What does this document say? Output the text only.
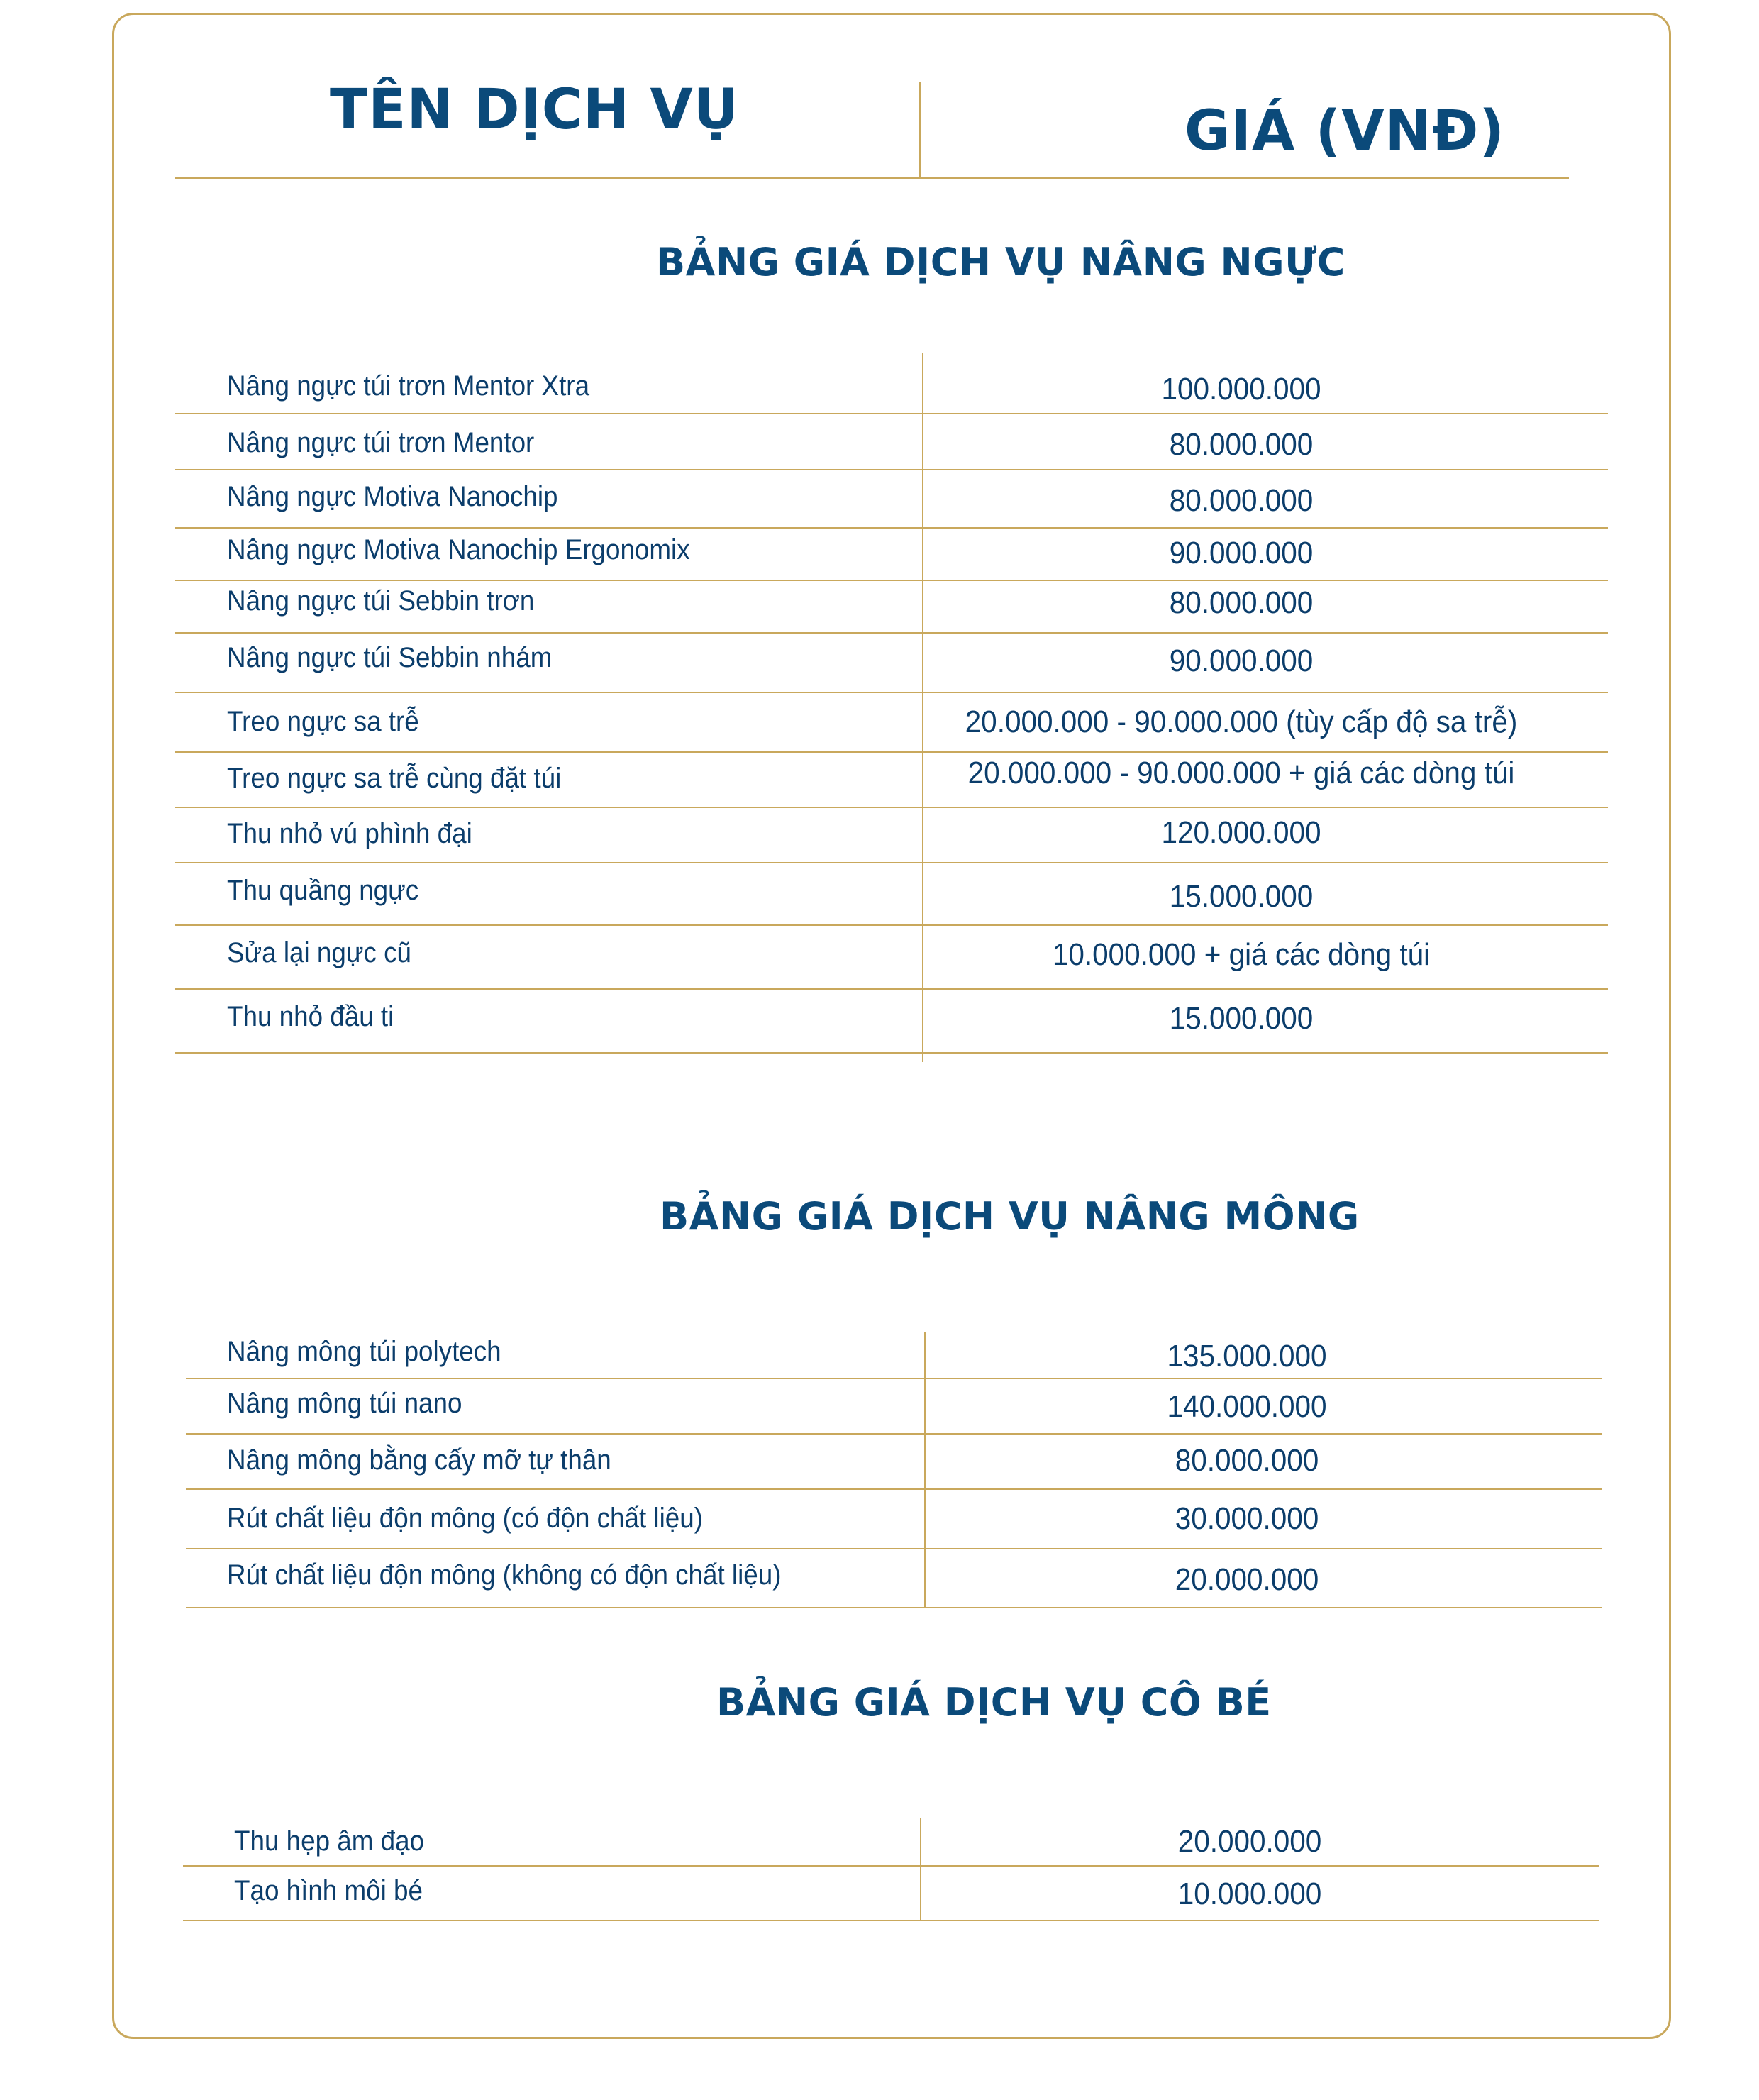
TÊN DỊCH VỤ	GIÁ (VNĐ)
BẢNG GIÁ DỊCH VỤ NÂNG NGỰC
Nâng ngực túi trơn Mentor Xtra	100.000.000
Nâng ngực túi trơn Mentor	80.000.000
Nâng ngực Motiva Nanochip	80.000.000
Nâng ngực Motiva Nanochip Ergonomix	90.000.000
Nâng ngực túi Sebbin trơn	80.000.000
Nâng ngực túi Sebbin nhám	90.000.000
Treo ngực sa trễ	20.000.000 - 90.000.000 (tùy cấp độ sa trễ)
Treo ngực sa trễ cùng đặt túi	20.000.000 - 90.000.000 + giá các dòng túi
Thu nhỏ vú phình đại	120.000.000
Thu quầng ngực	15.000.000
Sửa lại ngực cũ	10.000.000 + giá các dòng túi
Thu nhỏ đầu ti	15.000.000
BẢNG GIÁ DỊCH VỤ NÂNG MÔNG
Nâng mông túi polytech	135.000.000
Nâng mông túi nano	140.000.000
Nâng mông bằng cấy mỡ tự thân	80.000.000
Rút chất liệu độn mông (có độn chất liệu)	30.000.000
Rút chất liệu độn mông (không có độn chất liệu)	20.000.000
BẢNG GIÁ DỊCH VỤ CÔ BÉ
Thu hẹp âm đạo	20.000.000
Tạo hình môi bé	10.000.000
